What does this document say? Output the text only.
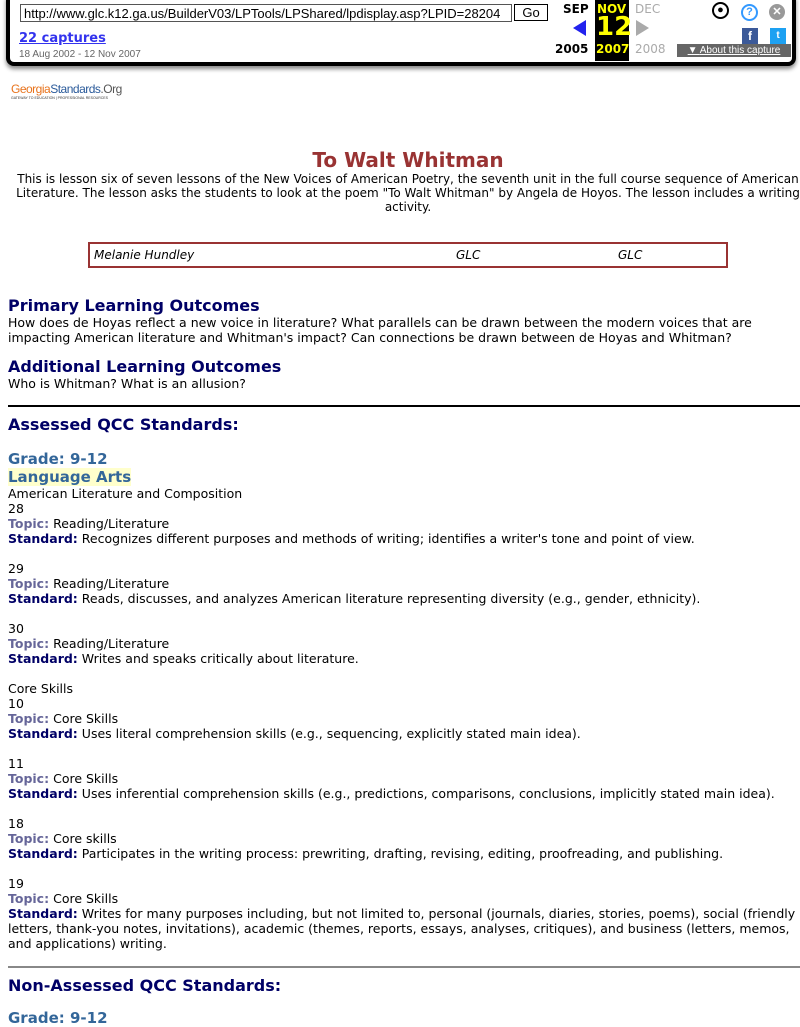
http://www.glc.k12.ga.us/BuilderV03/LPTools/LPShared/lpdisplay.asp?LPID=28204	Go
22 captures
18 Aug 2002 - 12 Nov 2007
SEP NOV DEC
12
2005 2007 2008	▼ About this capture
●	?	✕
f	t
GeorgiaStandards.Org
GATEWAY TO EDUCATION | PROFESSIONAL RESOURCES
To Walt Whitman
This is lesson six of seven lessons of the New Voices of American Poetry, the seventh unit in the full course sequence of American Literature. The lesson asks the students to look at the poem "To Walt Whitman" by Angela de Hoyos. The lesson includes a writing activity.
Melanie Hundley	GLC	GLC
Primary Learning Outcomes

How does de Hoyas reflect a new voice in literature? What parallels can be drawn between the modern voices that are impacting American literature and Whitman's impact? Can connections be drawn between de Hoyas and Whitman?

Additional Learning Outcomes

Who is Whitman? What is an allusion?

Assessed QCC Standards:
Grade: 9-12
Language Arts

American Literature and Composition

28

Topic: Reading/Literature

Standard: Recognizes different purposes and methods of writing; identifies a writer's tone and point of view.

29

Topic: Reading/Literature

Standard: Reads, discusses, and analyzes American literature representing diversity (e.g., gender, ethnicity).

30

Topic: Reading/Literature

Standard: Writes and speaks critically about literature.

Core Skills

10

Topic: Core Skills

Standard: Uses literal comprehension skills (e.g., sequencing, explicitly stated main idea).

11

Topic: Core Skills

Standard: Uses inferential comprehension skills (e.g., predictions, comparisons, conclusions, implicitly stated main idea).

18

Topic: Core skills

Standard: Participates in the writing process: prewriting, drafting, revising, editing, proofreading, and publishing.

19

Topic: Core Skills

Standard: Writes for many purposes including, but not limited to, personal (journals, diaries, stories, poems), social (friendly letters, thank-you notes, invitations), academic (themes, reports, essays, analyses, critiques), and business (letters, memos, and applications) writing.

Non-Assessed QCC Standards:
Grade: 9-12
